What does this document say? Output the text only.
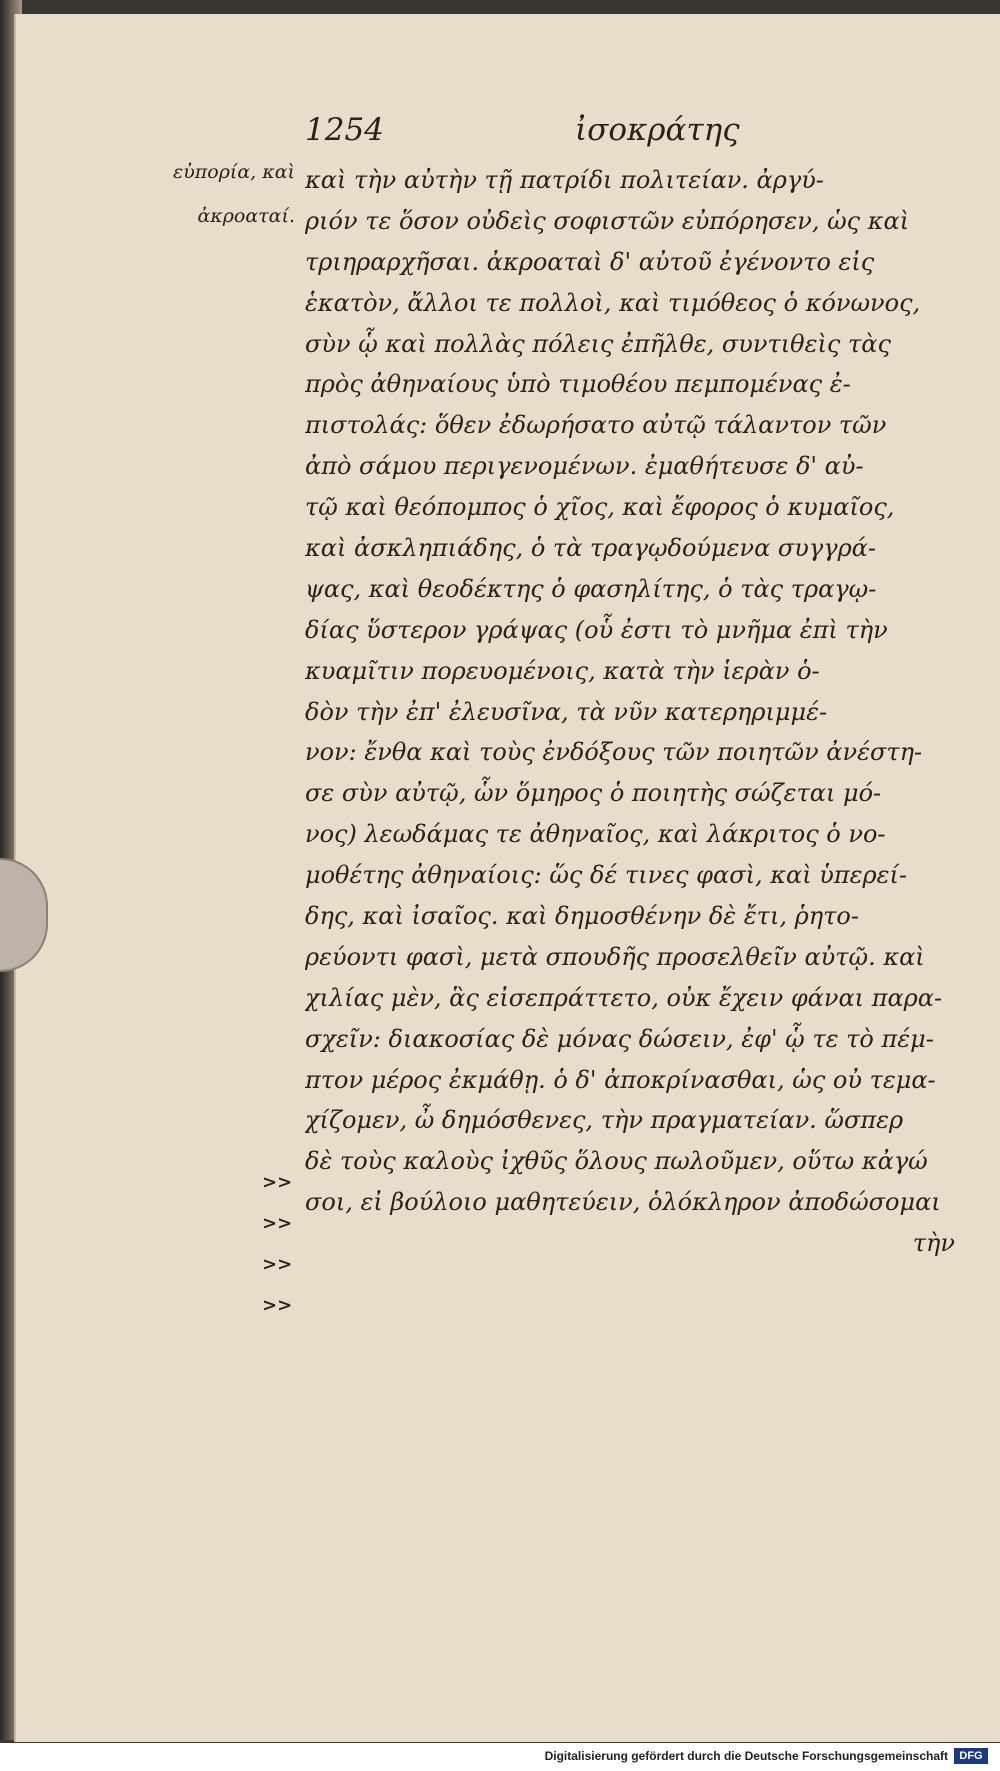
1254	ἰσοκράτης
εὐπορία, καὶ
ἀκροαταί.
καὶ τὴν αὐτὴν τῇ πατρίδι πολιτείαν. ἀργύ-
ριόν τε ὅσον οὐδεὶς σοφιστῶν εὐπόρησεν, ὡς καὶ
τριηραρχῆσαι. ἀκροαταὶ δ' αὐτοῦ ἐγένοντο εἰς
ἑκατὸν, ἄλλοι τε πολλοὶ, καὶ τιμόθεος ὁ κόνωνος,
σὺν ᾧ καὶ πολλὰς πόλεις ἐπῆλθε, συντιθεὶς τὰς
πρὸς ἀθηναίους ὑπὸ τιμοθέου πεμπομένας ἐ-
πιστολάς: ὅθεν ἐδωρήσατο αὐτῷ τάλαντον τῶν
ἀπὸ σάμου περιγενομένων. ἐμαθήτευσε δ' αὐ-
τῷ καὶ θεόπομπος ὁ χῖος, καὶ ἔφορος ὁ κυμαῖος,
καὶ ἀσκληπιάδης, ὁ τὰ τραγῳδούμενα συγγρά-
ψας, καὶ θεοδέκτης ὁ φασηλίτης, ὁ τὰς τραγῳ-
δίας ὕστερον γράψας (οὗ ἐστι τὸ μνῆμα ἐπὶ τὴν
κυαμῖτιν πορευομένοις, κατὰ τὴν ἱερὰν ὁ-
δὸν τὴν ἐπ' ἐλευσῖνα, τὰ νῦν κατερηριμμέ-
νον: ἔνθα καὶ τοὺς ἐνδόξους τῶν ποιητῶν ἀνέστη-
σε σὺν αὐτῷ, ὧν ὅμηρος ὁ ποιητὴς σώζεται μό-
νος) λεωδάμας τε ἀθηναῖος, καὶ λάκριτος ὁ νο-
μοθέτης ἀθηναίοις: ὥς δέ τινες φασὶ, καὶ ὑπερεί-
δης, καὶ ἰσαῖος. καὶ δημοσθένην δὲ ἔτι, ῥητο-
ρεύοντι φασὶ, μετὰ σπουδῆς προσελθεῖν αὐτῷ. καὶ
χιλίας μὲν, ἃς εἰσεπράττετο, οὐκ ἔχειν φάναι παρα-
σχεῖν: διακοσίας δὲ μόνας δώσειν, ἐφ' ᾧ τε τὸ πέμ-
πτον μέρος ἐκμάθῃ. ὁ δ' ἀποκρίνασθαι, ὡς οὐ τεμα-
χίζομεν, ὦ δημόσθενες, τὴν πραγματείαν. ὥσπερ
δὲ τοὺς καλοὺς ἰχθῦς ὅλους πωλοῦμεν, οὕτω κἀγώ
σοι, εἰ βούλοιο μαθητεύειν, ὁλόκληρον ἀποδώσομαι
τὴν
>>
>>
>>
>>
Digitalisierung gefördert durch die Deutsche Forschungsgemeinschaft	DFG
